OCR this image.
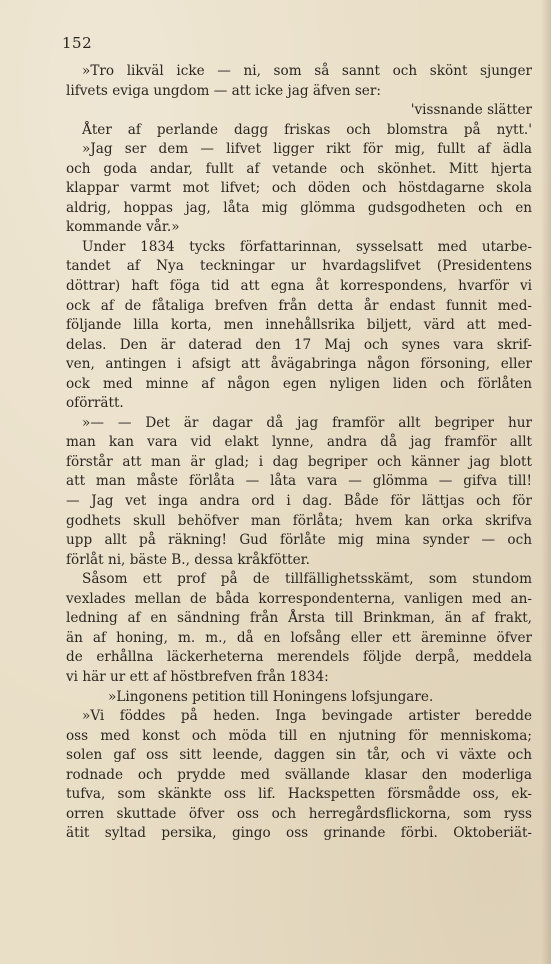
152
»Tro likväl icke — ni, som så sannt och skönt sjunger
lifvets eviga ungdom — att icke jag äfven ser:
'vissnande slätter
Åter af perlande dagg friskas och blomstra på nytt.'
»Jag ser dem — lifvet ligger rikt för mig, fullt af ädla
och goda andar, fullt af vetande och skönhet. Mitt hjerta
klappar varmt mot lifvet; och döden och höstdagarne skola
aldrig, hoppas jag, låta mig glömma gudsgodheten och en
kommande vår.»
Under 1834 tycks författarinnan, sysselsatt med utarbe-
tandet af Nya teckningar ur hvardagslifvet (Presidentens
döttrar) haft föga tid att egna åt korrespondens, hvarför vi
ock af de fåtaliga brefven från detta år endast funnit med-
följande lilla korta, men innehållsrika biljett, värd att med-
delas. Den är daterad den 17 Maj och synes vara skrif-
ven, antingen i afsigt att åvägabringa någon försoning, eller
ock med minne af någon egen nyligen liden och förlåten
oförrätt.
»— — Det är dagar då jag framför allt begriper hur
man kan vara vid elakt lynne, andra då jag framför allt
förstår att man är glad; i dag begriper och känner jag blott
att man måste förlåta — låta vara — glömma — gifva till!
— Jag vet inga andra ord i dag. Både för lättjas och för
godhets skull behöfver man förlåta; hvem kan orka skrifva
upp allt på räkning! Gud förlåte mig mina synder — och
förlåt ni, bäste B., dessa kråkfötter.
Såsom ett prof på de tillfällighetsskämt, som stundom
vexlades mellan de båda korrespondenterna, vanligen med an-
ledning af en sändning från Årsta till Brinkman, än af frakt,
än af honing, m. m., då en lofsång eller ett äreminne öfver
de erhållna läckerheterna merendels följde derpå, meddela
vi här ur ett af höstbrefven från 1834:
»Lingonens petition till Honingens lofsjungare.
»Vi föddes på heden. Inga bevingade artister beredde
oss med konst och möda till en njutning för menniskoma;
solen gaf oss sitt leende, daggen sin tår, och vi växte och
rodnade och prydde med svällande klasar den moderliga
tufva, som skänkte oss lif. Hackspetten försmådde oss, ek-
orren skuttade öfver oss och herregårdsflickorna, som ryss
ätit syltad persika, gingo oss grinande förbi. Oktoberiät-
